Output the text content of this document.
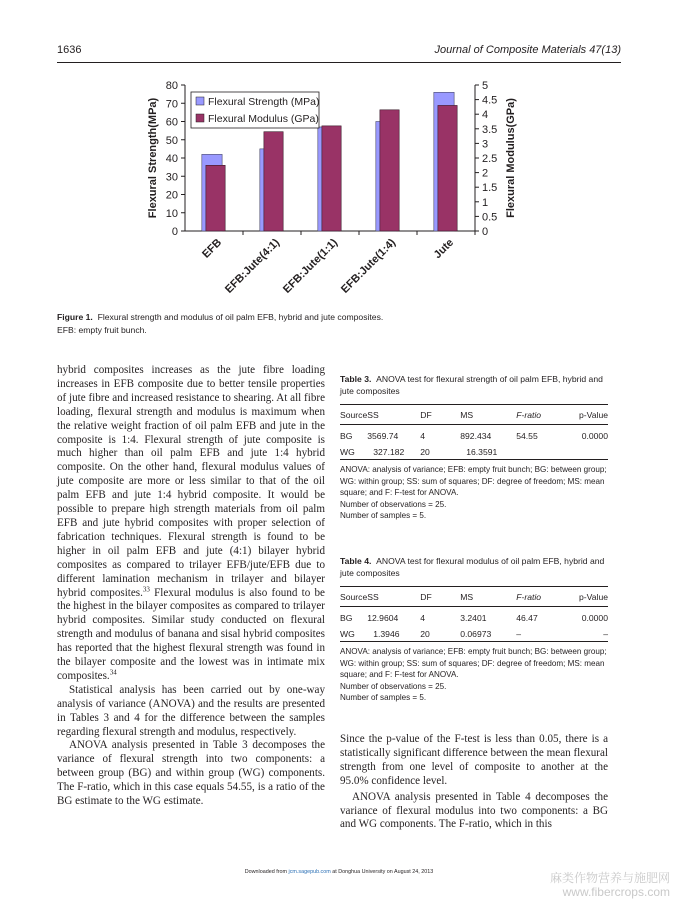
1636	Journal of Composite Materials 47(13)
0
10
20
30
40
50
60
70
80
0
0.5
1
1.5
2
2.5
3
3.5
4
4.5
5
EFB
EFB:Jute(4:1)
EFB:Jute(1:1)
EFB:Jute(1:4)	Jute
Flexural Strength (MPa)
Flexural Modulus (GPa)
Flexural Strength(MPa)	Flexural Modulus(GPa)
Figure 1. Flexural strength and modulus of oil palm EFB, hybrid and jute composites.
EFB: empty fruit bunch.

hybrid composites increases as the jute fibre loading increases in EFB composite due to better tensile properties of jute fibre and increased resistance to shearing. At all fibre loading, flexural strength and modulus is maximum when the relative weight fraction of oil palm EFB and jute in the composite is 1:4. Flexural strength of jute composite is much higher than oil palm EFB and jute 1:4 hybrid composite. On the other hand, flexural modulus values of jute composite are more or less similar to that of the oil palm EFB and jute 1:4 hybrid composite. It would be possible to prepare high strength materials from oil palm EFB and jute hybrid composites with proper selection of fabrication techniques. Flexural strength is found to be higher in oil palm EFB and jute (4:1) bilayer hybrid composites as compared to trilayer EFB/jute/EFB due to different lamination mechanism in trilayer and bilayer hybrid composites.$^{33}$ Flexural modulus is also found to be the highest in the bilayer composites as compared to trilayer hybrid composites. Similar study conducted on flexural strength and modulus of banana and sisal hybrid composites has reported that the highest flexural strength was found in the bilayer composite and the lowest was in intimate mix composites.$^{34}$

Statistical analysis has been carried out by one-way analysis of variance (ANOVA) and the results are presented in Tables 3 and 4 for the difference between the samples regarding flexural strength and modulus, respectively.

ANOVA analysis presented in Table 3 decomposes the variance of flexural strength into two components: a between group (BG) and within group (WG) components. The F-ratio, which in this case equals 54.55, is a ratio of the BG estimate to the WG estimate.

Table 3. ANOVA test for flexural strength of oil palm EFB, hybrid and jute composites
Source	SS	DF	MS	F-ratio	p-Value
BG	3569.74	4	892.434	54.55	0.0000
WG	327.182	20	16.3591		
ANOVA: analysis of variance; EFB: empty fruit bunch; BG: between group; WG: within group; SS: sum of squares; DF: degree of freedom; MS: mean square; and F: F-test for ANOVA.
Number of observations = 25.
Number of samples = 5.
Table 4. ANOVA test for flexural modulus of oil palm EFB, hybrid and jute composites
Source	SS	DF	MS	F-ratio	p-Value
BG	12.9604	4	3.2401	46.47	0.0000
WG	1.3946	20	0.06973	–	–
ANOVA: analysis of variance; EFB: empty fruit bunch; BG: between group; WG: within group; SS: sum of squares; DF: degree of freedom; MS: mean square; and F: F-test for ANOVA.
Number of observations = 25.
Number of samples = 5.

Since the p-value of the F-test is less than 0.05, there is a statistically significant difference between the mean flexural strength from one level of composite to another at the 95.0% confidence level.

ANOVA analysis presented in Table 4 decomposes the variance of flexural modulus into two components: a BG and WG components. The F-ratio, which in this

Downloaded from jcm.sagepub.com at Donghua University on August 24, 2013	麻类作物营养与施肥网
www.fibercrops.com
